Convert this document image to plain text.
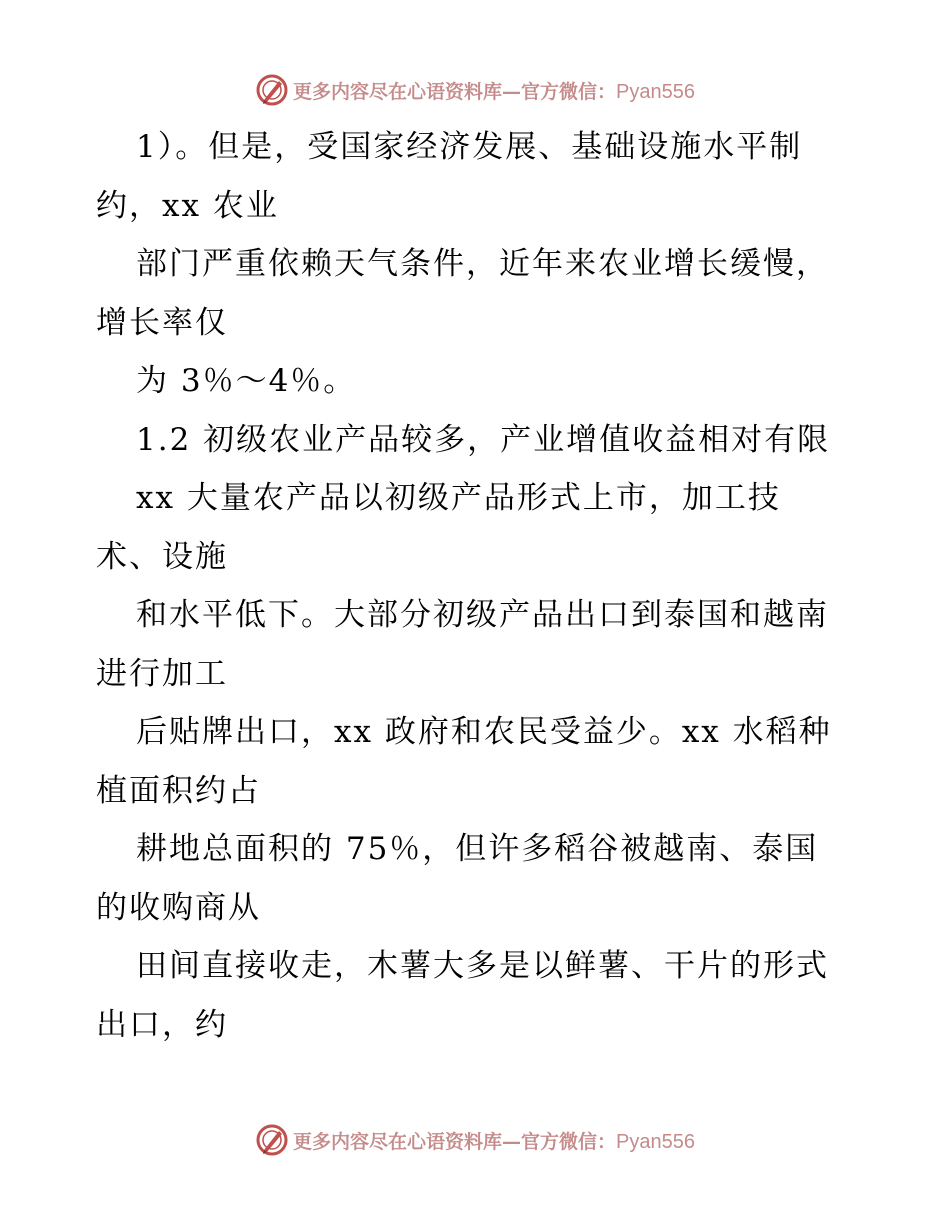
更多内容尽在心语资料库—官方微信：Pyan556
1）。但是，受国家经济发展、基础设施水平制
约，xx 农业
部门严重依赖天气条件，近年来农业增长缓慢，
增长率仅
为 3％～4％。
1.2 初级农业产品较多，产业增值收益相对有限
xx 大量农产品以初级产品形式上市，加工技
术、设施
和水平低下。大部分初级产品出口到泰国和越南
进行加工
后贴牌出口，xx 政府和农民受益少。xx 水稻种
植面积约占
耕地总面积的 75％，但许多稻谷被越南、泰国
的收购商从
田间直接收走，木薯大多是以鲜薯、干片的形式
出口，约
更多内容尽在心语资料库—官方微信：Pyan556
